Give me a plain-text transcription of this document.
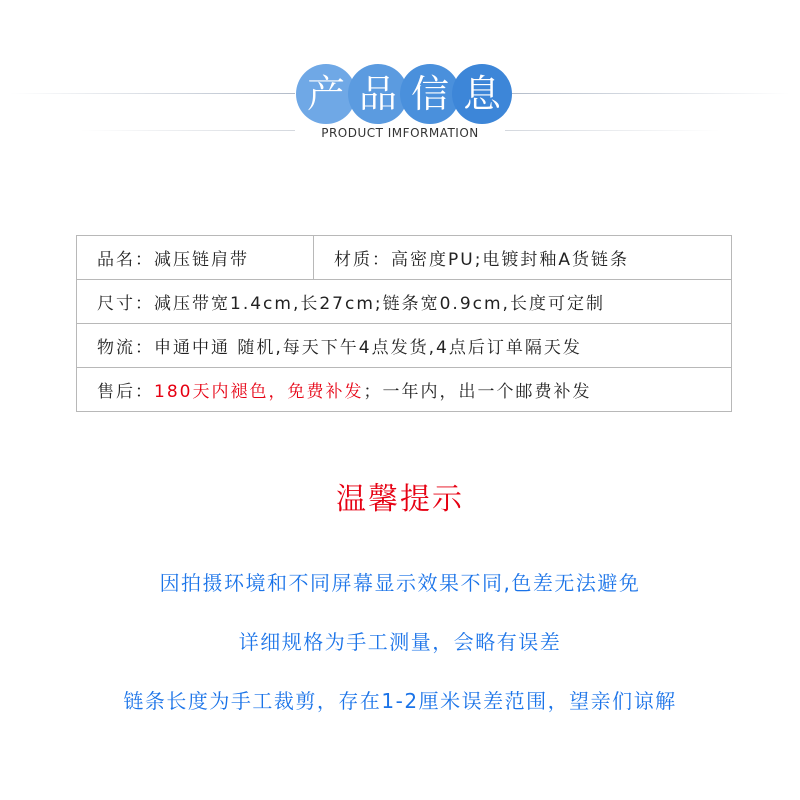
产 品 信 息
PRODUCT IMFORMATION
品名：减压链肩带	材质：高密度PU;电镀封釉A货链条
尺寸：减压带宽1.4cm,长27cm;链条宽0.9cm,长度可定制
物流：申通中通 随机,每天下午4点发货,4点后订单隔天发
售后：180天内褪色，免费补发；一年内，出一个邮费补发
温馨提示
因拍摄环境和不同屏幕显示效果不同,色差无法避免
详细规格为手工测量，会略有误差
链条长度为手工裁剪，存在1-2厘米误差范围，望亲们谅解
